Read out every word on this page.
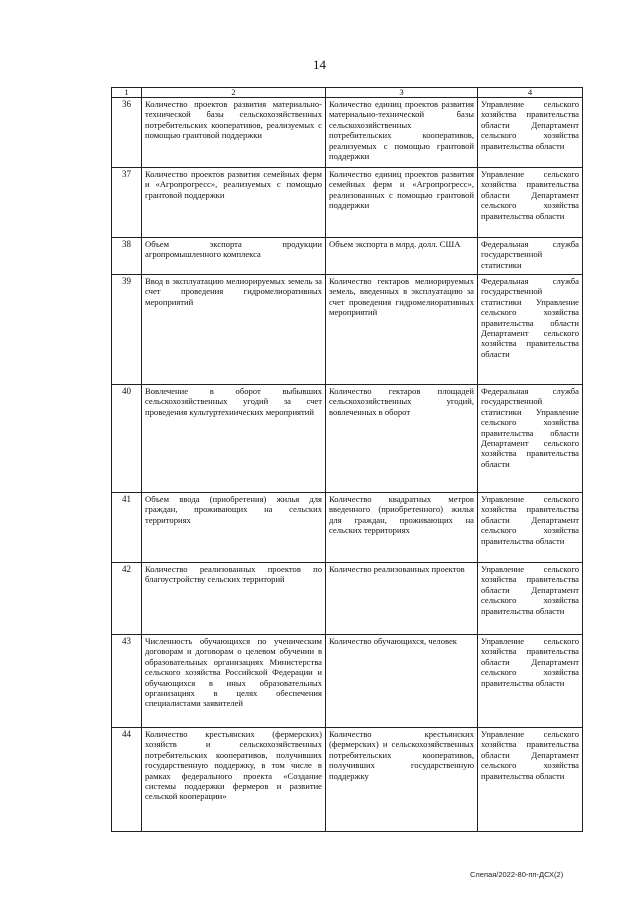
14
1	2	3	4
36	Количество проектов развития материально-технической базы сельскохозяйственных потребительских кооперативов, реализуемых с помощью грантовой поддержки	Количество единиц проектов развития материально-технической базы сельскохозяйственных потребительских кооперативов, реализуемых с помощью грантовой поддержки	Управление сельского хозяйства правительства области Департамент сельского хозяйства правительства области
37	Количество проектов развития семейных ферм и «Агропрогресс», реализуемых с помощью грантовой поддержки	Количество единиц проектов развития семейных ферм и «Агропрогресс», реализованных с помощью грантовой поддержки	Управление сельского хозяйства правительства области Департамент сельского хозяйства правительства области
38	Объем экспорта продукции агропромышленного комплекса	Объем экспорта в млрд. долл. США	Федеральная служба государственной статистики
39	Ввод в эксплуатацию мелиорируемых земель за счет проведения гидромелиоративных мероприятий	Количество гектаров мелиорируемых земель, введенных в эксплуатацию за счет проведения гидромелиоративных мероприятий	Федеральная служба государственной статистики Управление сельского хозяйства правительства области Департамент сельского хозяйства правительства области
40	Вовлечение в оборот выбывших сельскохозяйственных угодий за счет проведения культуртехнических мероприятий	Количество гектаров площадей сельскохозяйственных угодий, вовлеченных в оборот	Федеральная служба государственной статистики Управление сельского хозяйства правительства области Департамент сельского хозяйства правительства области
41	Объем ввода (приобретения) жилья для граждан, проживающих на сельских территориях	Количество квадратных метров введенного (приобретенного) жилья для граждан, проживающих на сельских территориях	Управление сельского хозяйства правительства области Департамент сельского хозяйства правительства области
42	Количество реализованных проектов по благоустройству сельских территорий	Количество реализованных проектов	Управление сельского хозяйства правительства области Департамент сельского хозяйства правительства области
43	Численность обучающихся по ученическим договорам и договорам о целевом обучении в образовательных организациях Министерства сельского хозяйства Российской Федерации и обучающихся в иных образовательных организациях в целях обеспечения специалистами заявителей	Количество обучающихся, человек	Управление сельского хозяйства правительства области Департамент сельского хозяйства правительства области
44	Количество крестьянских (фермерских) хозяйств и сельскохозяйственных потребительских кооперативов, получивших государственную поддержку, в том числе в рамках федерального проекта «Создание системы поддержки фермеров и развитие сельской кооперации»	Количество крестьянских (фермерских) и сельскохозяйственных потребительских кооперативов, получивших государственную поддержку	Управление сельского хозяйства правительства области Департамент сельского хозяйства правительства области
Слепая/2022-80-пп-ДСХ(2)
